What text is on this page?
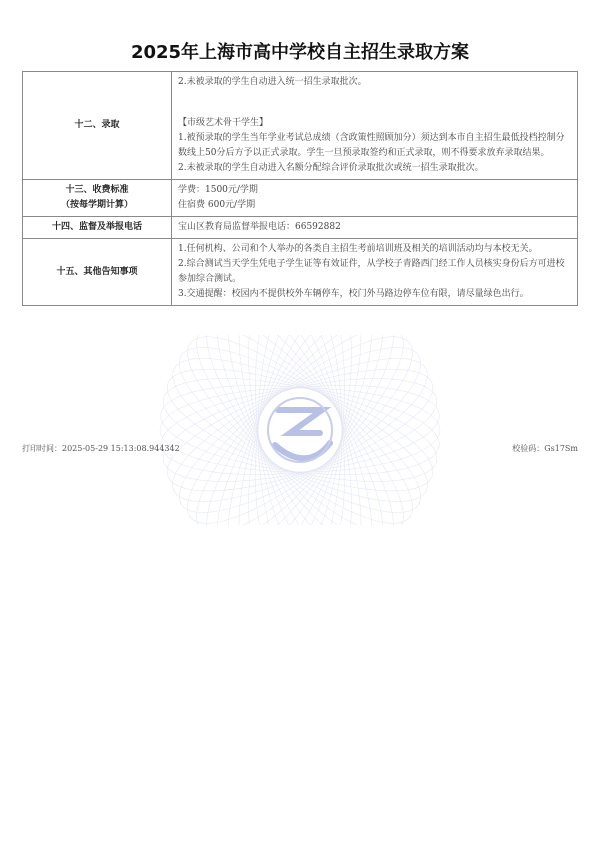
2025年上海市高中学校自主招生录取方案
十二、录取	2.未被录取的学生自动进入统一招生录取批次。
【市级艺术骨干学生】
1.被预录取的学生当年学业考试总成绩（含政策性照顾加分）须达到本市自主招生最低投档控制分数线上50分后方予以正式录取。学生一旦预录取签约和正式录取，则不得要求放弃录取结果。
2.未被录取的学生自动进入名额分配综合评价录取批次或统一招生录取批次。

十三、收费标准
（按每学期计算）	学费：1500元/学期
住宿费 600元/学期

十四、监督及举报电话	宝山区教育局监督举报电话：66592882
十五、其他告知事项	1.任何机构、公司和个人举办的各类自主招生考前培训班及相关的培训活动均与本校无关。
2.综合测试当天学生凭电子学生证等有效证件，从学校子青路西门经工作人员核实身份后方可进校参加综合测试。
3.交通提醒：校园内不提供校外车辆停车，校门外马路边停车位有限，请尽量绿色出行。
打印时间：2025-05-29 15:13:08.944342	校验码：Gs17Sm
